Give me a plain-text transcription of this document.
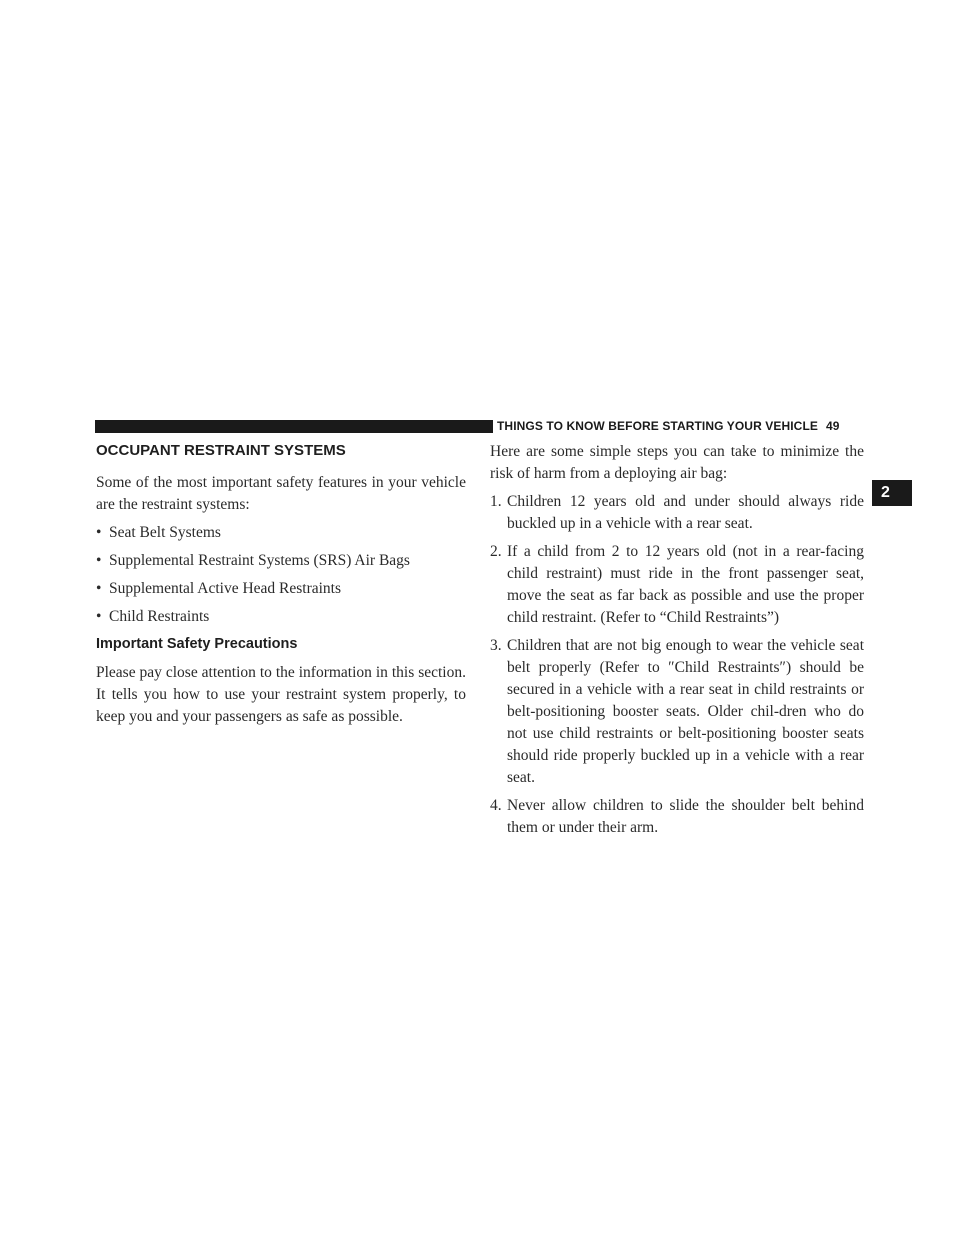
THINGS TO KNOW BEFORE STARTING YOUR VEHICLE 49
2
OCCUPANT RESTRAINT SYSTEMS

Some of the most important safety features in your vehicle are the restraint systems:

• Seat Belt Systems
• Supplemental Restraint Systems (SRS) Air Bags
• Supplemental Active Head Restraints
• Child Restraints
Important Safety Precautions

Please pay close attention to the information in this section. It tells you how to use your restraint system properly, to keep you and your passengers as safe as possible.

Here are some simple steps you can take to minimize the risk of harm from a deploying air bag:

1. Children 12 years old and under should always ride buckled up in a vehicle with a rear seat.
2. If a child from 2 to 12 years old (not in a rear-facing child restraint) must ride in the front passenger seat, move the seat as far back as possible and use the proper child restraint. (Refer to “Child Restraints”)
3. Children that are not big enough to wear the vehicle seat belt properly (Refer to ″Child Restraints″) should be secured in a vehicle with a rear seat in child restraints or belt-positioning booster seats. Older chil-dren who do not use child restraints or belt-positioning booster seats should ride properly buckled up in a vehicle with a rear seat.
4. Never allow children to slide the shoulder belt behind them or under their arm.
